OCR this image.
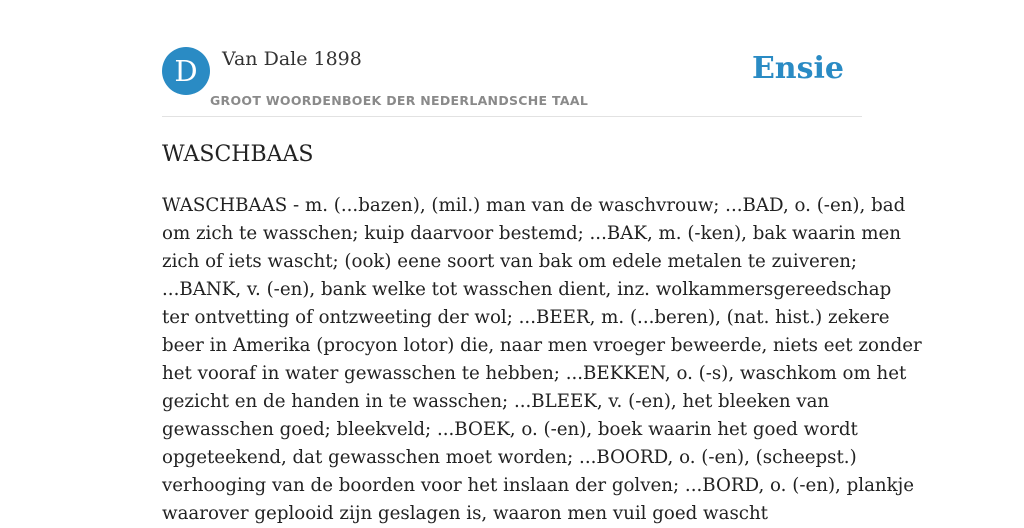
D	Van Dale 1898
GROOT WOORDENBOEK DER NEDERLANDSCHE TAAL
Ensie
WASCHBAAS
WASCHBAAS - m. (...bazen), (mil.) man van de waschvrouw; ...BAD, o. (-en), bad
om zich te wasschen; kuip daarvoor bestemd; ...BAK, m. (-ken), bak waarin men
zich of iets wascht; (ook) eene soort van bak om edele metalen te zuiveren;
...BANK, v. (-en), bank welke tot wasschen dient, inz. wolkammersgereedschap
ter ontvetting of ontzweeting der wol; ...BEER, m. (...beren), (nat. hist.) zekere
beer in Amerika (procyon lotor) die, naar men vroeger beweerde, niets eet zonder
het vooraf in water gewasschen te hebben; ...BEKKEN, o. (-s), waschkom om het
gezicht en de handen in te wasschen; ...BLEEK, v. (-en), het bleeken van
gewasschen goed; bleekveld; ...BOEK, o. (-en), boek waarin het goed wordt
opgeteekend, dat gewasschen moet worden; ...BOORD, o. (-en), (scheepst.)
verhooging van de boorden voor het inslaan der golven; ...BORD, o. (-en), plankje
waarover geplooid zijn geslagen is, waaron men vuil goed wascht
